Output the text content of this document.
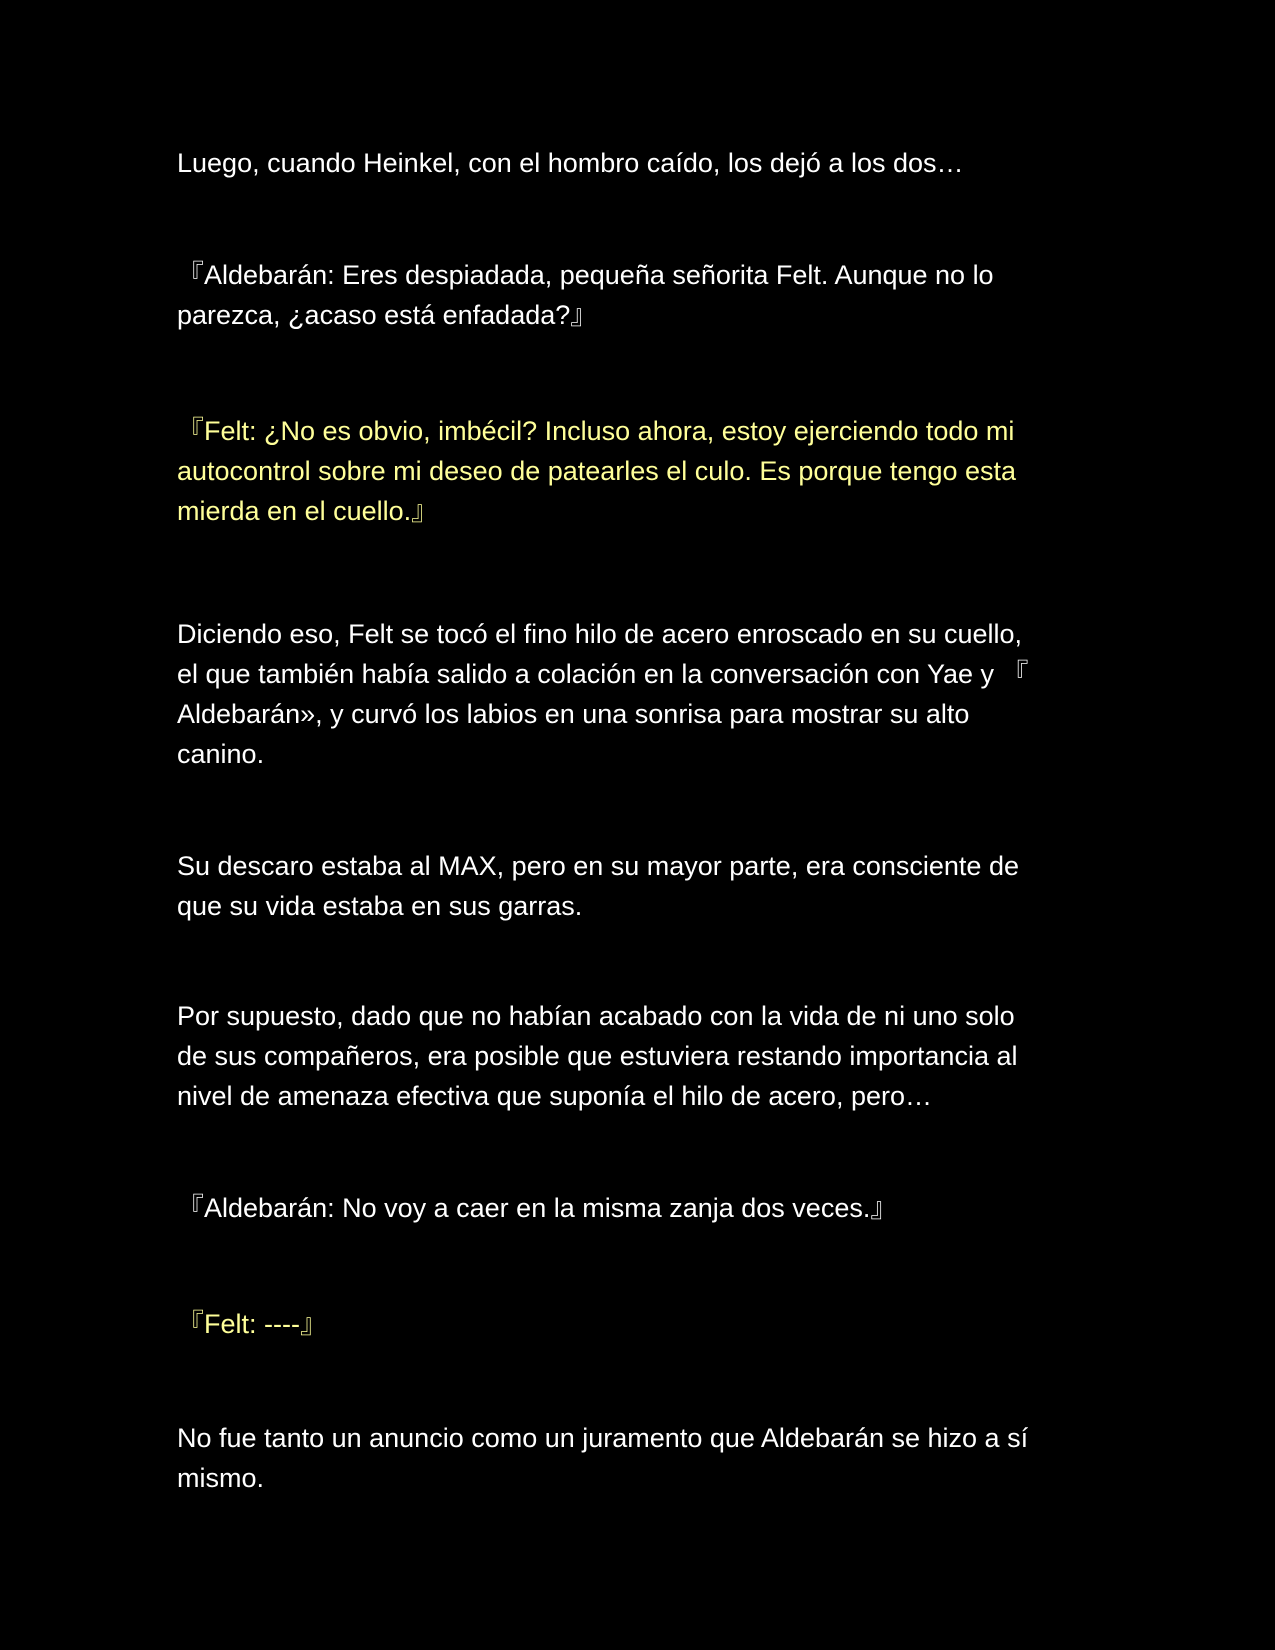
Luego, cuando Heinkel, con el hombro caído, los dejó a los dos…

『Aldebarán: Eres despiadada, pequeña señorita Felt. Aunque no lo
parezca, ¿acaso está enfadada?』

『Felt: ¿No es obvio, imbécil? Incluso ahora, estoy ejerciendo todo mi
autocontrol sobre mi deseo de patearles el culo. Es porque tengo esta
mierda en el cuello.』

Diciendo eso, Felt se tocó el fino hilo de acero enroscado en su cuello,
el que también había salido a colación en la conversación con Yae y 『
Aldebarán», y curvó los labios en una sonrisa para mostrar su alto
canino.

Su descaro estaba al MAX, pero en su mayor parte, era consciente de
que su vida estaba en sus garras.

Por supuesto, dado que no habían acabado con la vida de ni uno solo
de sus compañeros, era posible que estuviera restando importancia al
nivel de amenaza efectiva que suponía el hilo de acero, pero…

『Aldebarán: No voy a caer en la misma zanja dos veces.』

『Felt: ----』

No fue tanto un anuncio como un juramento que Aldebarán se hizo a sí
mismo.
